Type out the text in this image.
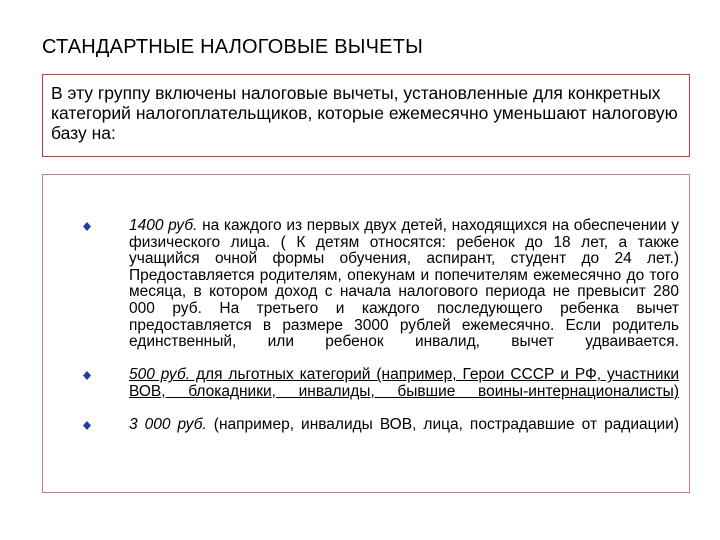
СТАНДАРТНЫЕ НАЛОГОВЫЕ ВЫЧЕТЫ
В эту группу включены налоговые вычеты, установленные для конкретных категорий налогоплательщиков, которые ежемесячно уменьшают налоговую базу на:
1400 руб. на каждого из первых двух детей, находящихся на обеспечении у физического лица. ( К детям относятся: ребенок до 18 лет, а также учащийся очной формы обучения, аспирант, студент до 24 лет.) Предоставляется родителям, опекунам и попечителям ежемесячно до того месяца, в котором доход с начала налогового периода не превысит 280 000 руб. На третьего и каждого последующего ребенка вычет предоставляется в размере 3000 рублей ежемесячно. Если родитель единственный, или ребенок инвалид, вычет удваивается.
500 руб. для льготных категорий (например, Герои СССР и РФ, участники ВОВ, блокадники, инвалиды, бывшие воины-интернационалисты)
3 000 руб. (например, инвалиды ВОВ, лица, пострадавшие от радиации)
